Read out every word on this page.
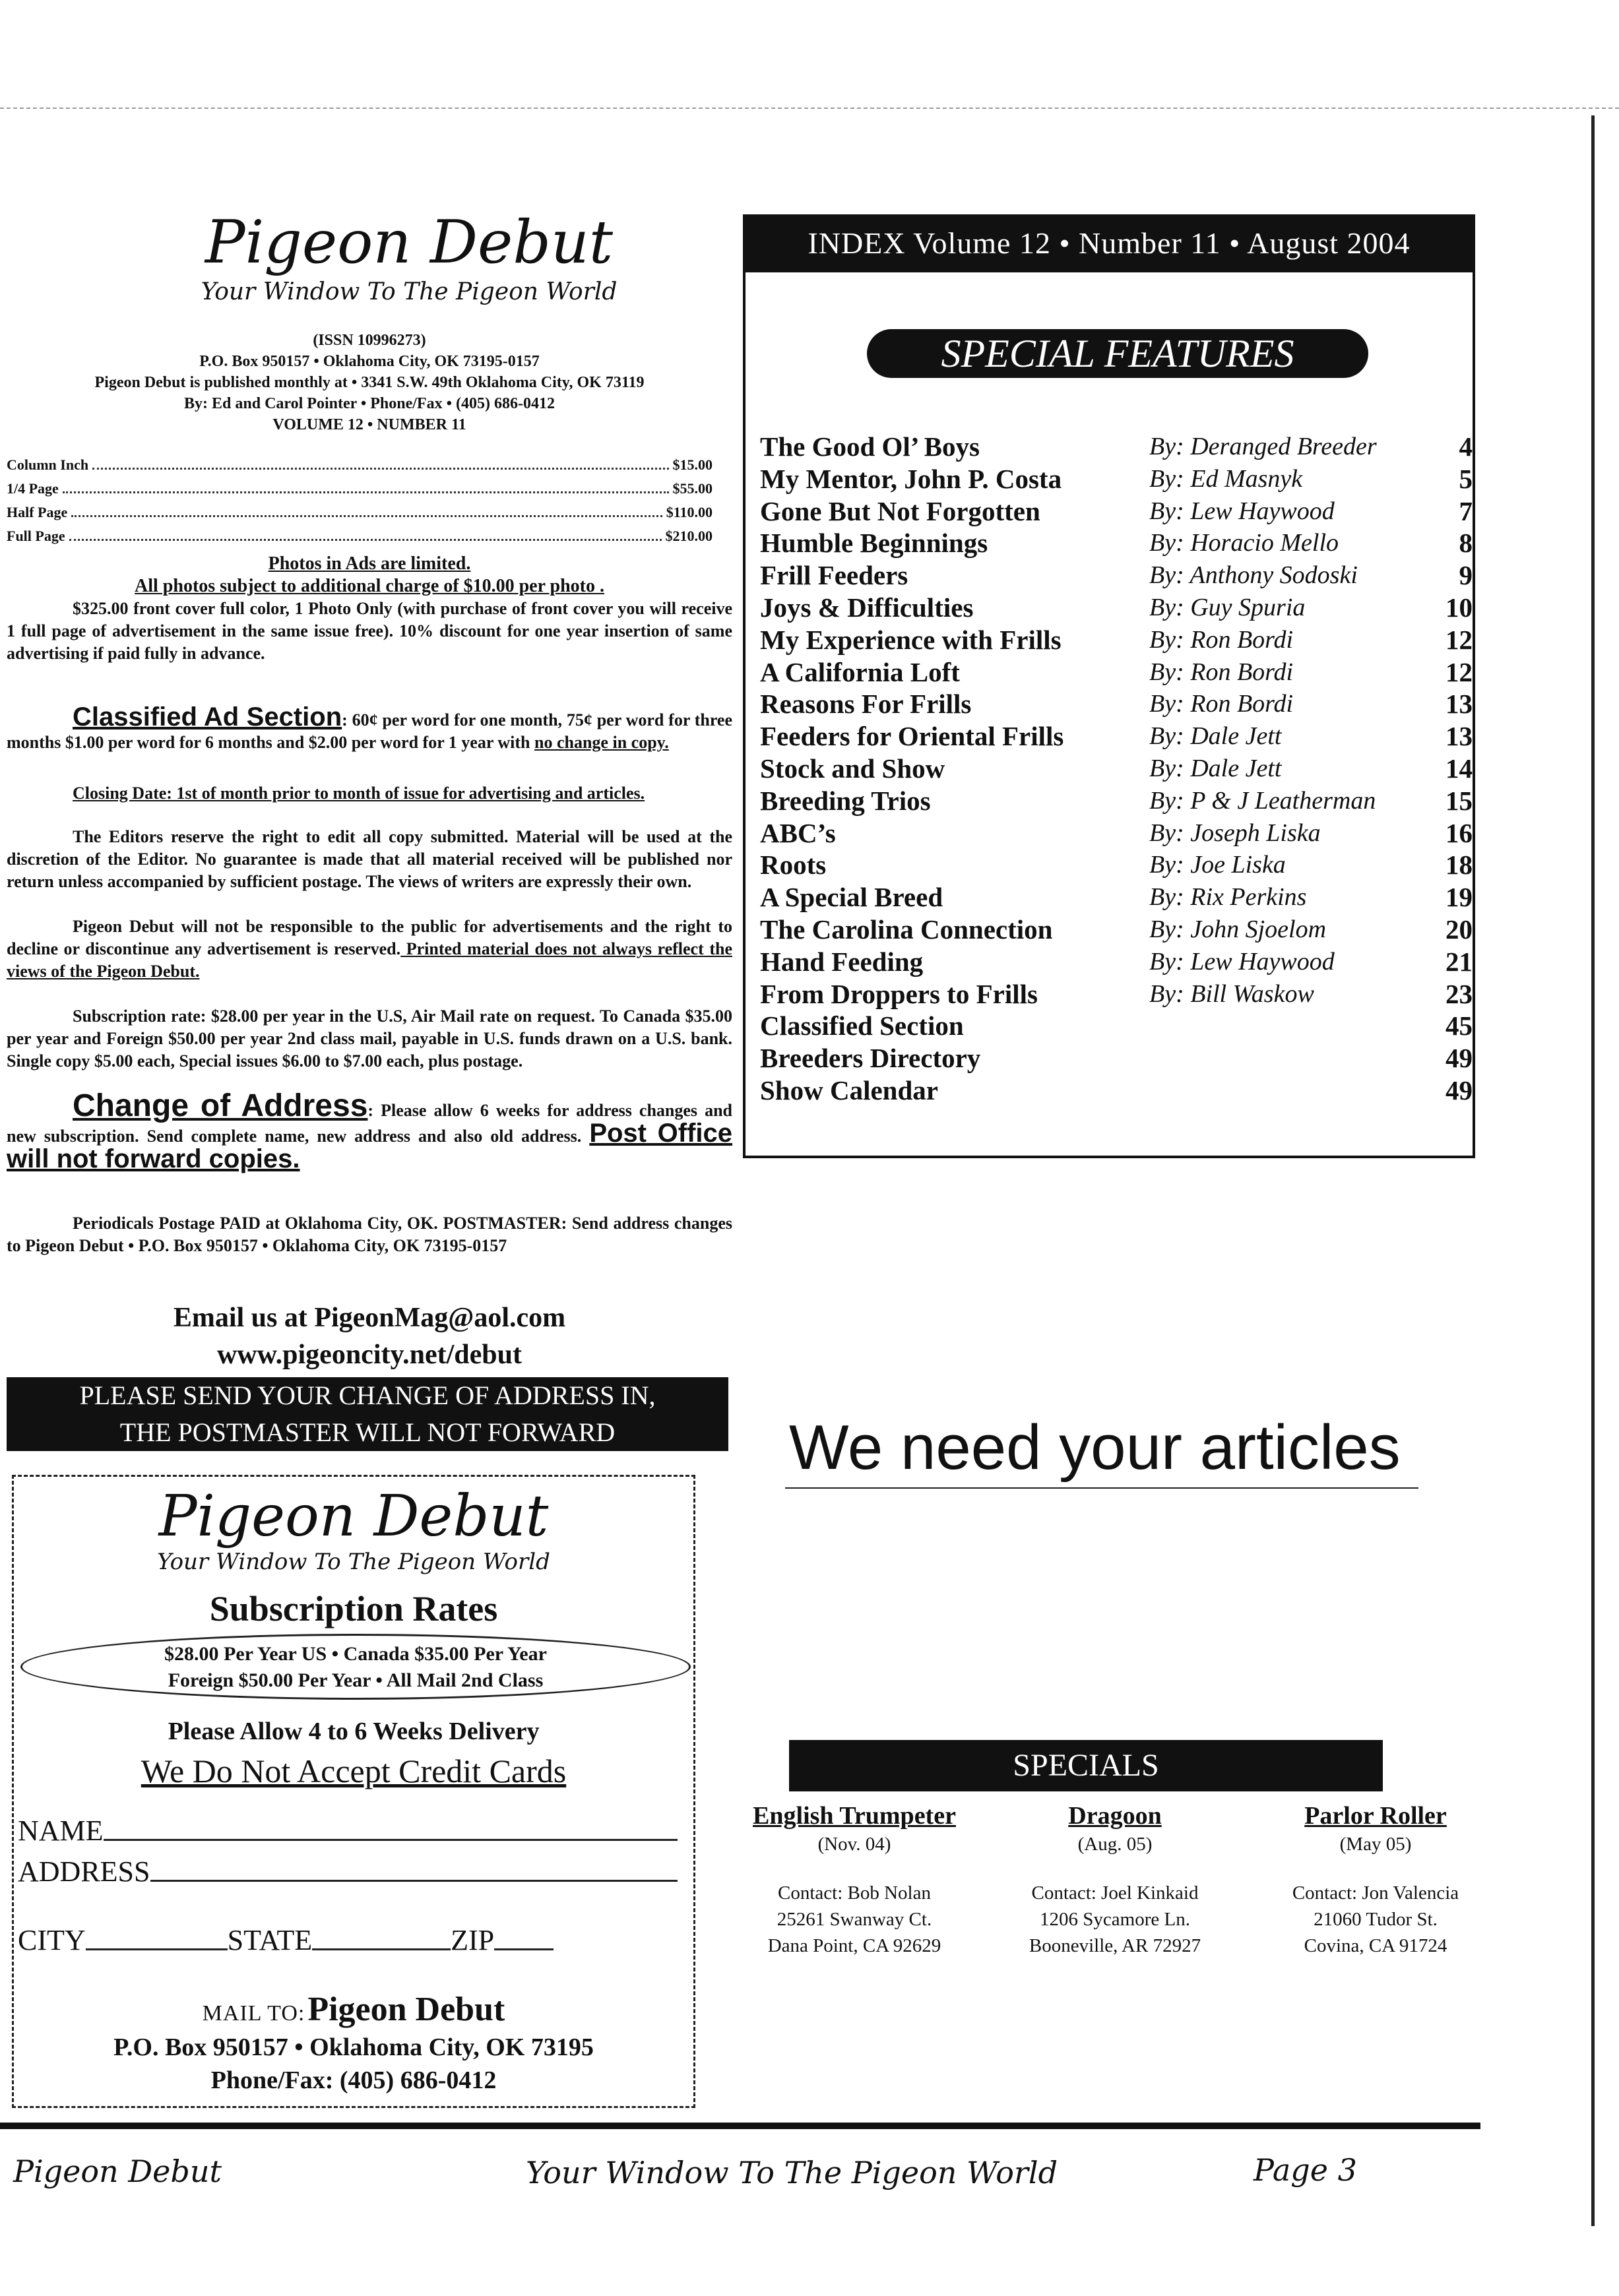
Pigeon Debut
Your Window To The Pigeon World
(ISSN 10996273)
P.O. Box 950157 • Oklahoma City, OK 73195-0157
Pigeon Debut is published monthly at • 3341 S.W. 49th Oklahoma City, OK 73119
By: Ed and Carol Pointer • Phone/Fax • (405) 686-0412
VOLUME 12 • NUMBER 11
Column Inch	$15.00
1/4 Page	$55.00
Half Page	$110.00
Full Page	$210.00
Photos in Ads are limited.
All photos subject to additional charge of $10.00 per photo .
$325.00 front cover full color, 1 Photo Only (with purchase of front cover you will receive 1 full page of advertisement in the same issue free). 10% discount for one year insertion of same advertising if paid fully in advance.
Classified Ad Section: 60¢ per word for one month, 75¢ per word for three months $1.00 per word for 6 months and $2.00 per word for 1 year with no change in copy.
Closing Date: 1st of month prior to month of issue for advertising and articles.
The Editors reserve the right to edit all copy submitted. Material will be used at the discretion of the Editor. No guarantee is made that all material received will be published nor return unless accompanied by sufficient postage. The views of writers are expressly their own.
Pigeon Debut will not be responsible to the public for advertisements and the right to decline or discontinue any advertisement is reserved. Printed material does not always reflect the views of the Pigeon Debut.
Subscription rate: $28.00 per year in the U.S, Air Mail rate on request. To Canada $35.00 per year and Foreign $50.00 per year 2nd class mail, payable in U.S. funds drawn on a U.S. bank. Single copy $5.00 each, Special issues $6.00 to $7.00 each, plus postage.
Change of Address: Please allow 6 weeks for address changes and new subscription. Send complete name, new address and also old address. Post Office will not forward copies.
Periodicals Postage PAID at Oklahoma City, OK. POSTMASTER: Send address changes to Pigeon Debut • P.O. Box 950157 • Oklahoma City, OK 73195-0157
Email us at PigeonMag@aol.com
www.pigeoncity.net/debut
PLEASE SEND YOUR CHANGE OF ADDRESS IN,
THE POSTMASTER WILL NOT FORWARD
Pigeon Debut
Your Window To The Pigeon World
Subscription Rates
$28.00 Per Year US • Canada $35.00 Per Year
Foreign $50.00 Per Year • All Mail 2nd Class
Please Allow 4 to 6 Weeks Delivery
We Do Not Accept Credit Cards
NAME
ADDRESS
CITY	STATE	ZIP
MAIL TO: Pigeon Debut
P.O. Box 950157 • Oklahoma City, OK 73195
Phone/Fax: (405) 686-0412
INDEX Volume 12 • Number 11 • August 2004
SPECIAL FEATURES
The Good Ol’ Boys	By: Deranged Breeder	4
My Mentor, John P. Costa	By: Ed Masnyk	5
Gone But Not Forgotten	By: Lew Haywood	7
Humble Beginnings	By: Horacio Mello	8
Frill Feeders	By: Anthony Sodoski	9
Joys & Difficulties	By: Guy Spuria	10
My Experience with Frills	By: Ron Bordi	12
A California Loft	By: Ron Bordi	12
Reasons For Frills	By: Ron Bordi	13
Feeders for Oriental Frills	By: Dale Jett	13
Stock and Show	By: Dale Jett	14
Breeding Trios	By: P & J Leatherman	15
ABC’s	By: Joseph Liska	16
Roots	By: Joe Liska	18
A Special Breed	By: Rix Perkins	19
The Carolina Connection	By: John Sjoelom	20
Hand Feeding	By: Lew Haywood	21
From Droppers to Frills	By: Bill Waskow	23
Classified Section	45
Breeders Directory	49
Show Calendar	49
We need your articles
SPECIALS
English Trumpeter
(Nov. 04)
Contact: Bob Nolan
25261 Swanway Ct.
Dana Point, CA 92629
Dragoon
(Aug. 05)
Contact: Joel Kinkaid
1206 Sycamore Ln.
Booneville, AR 72927
Parlor Roller
(May 05)
Contact: Jon Valencia
21060 Tudor St.
Covina, CA 91724
Pigeon Debut	Your Window To The Pigeon World	Page 3
